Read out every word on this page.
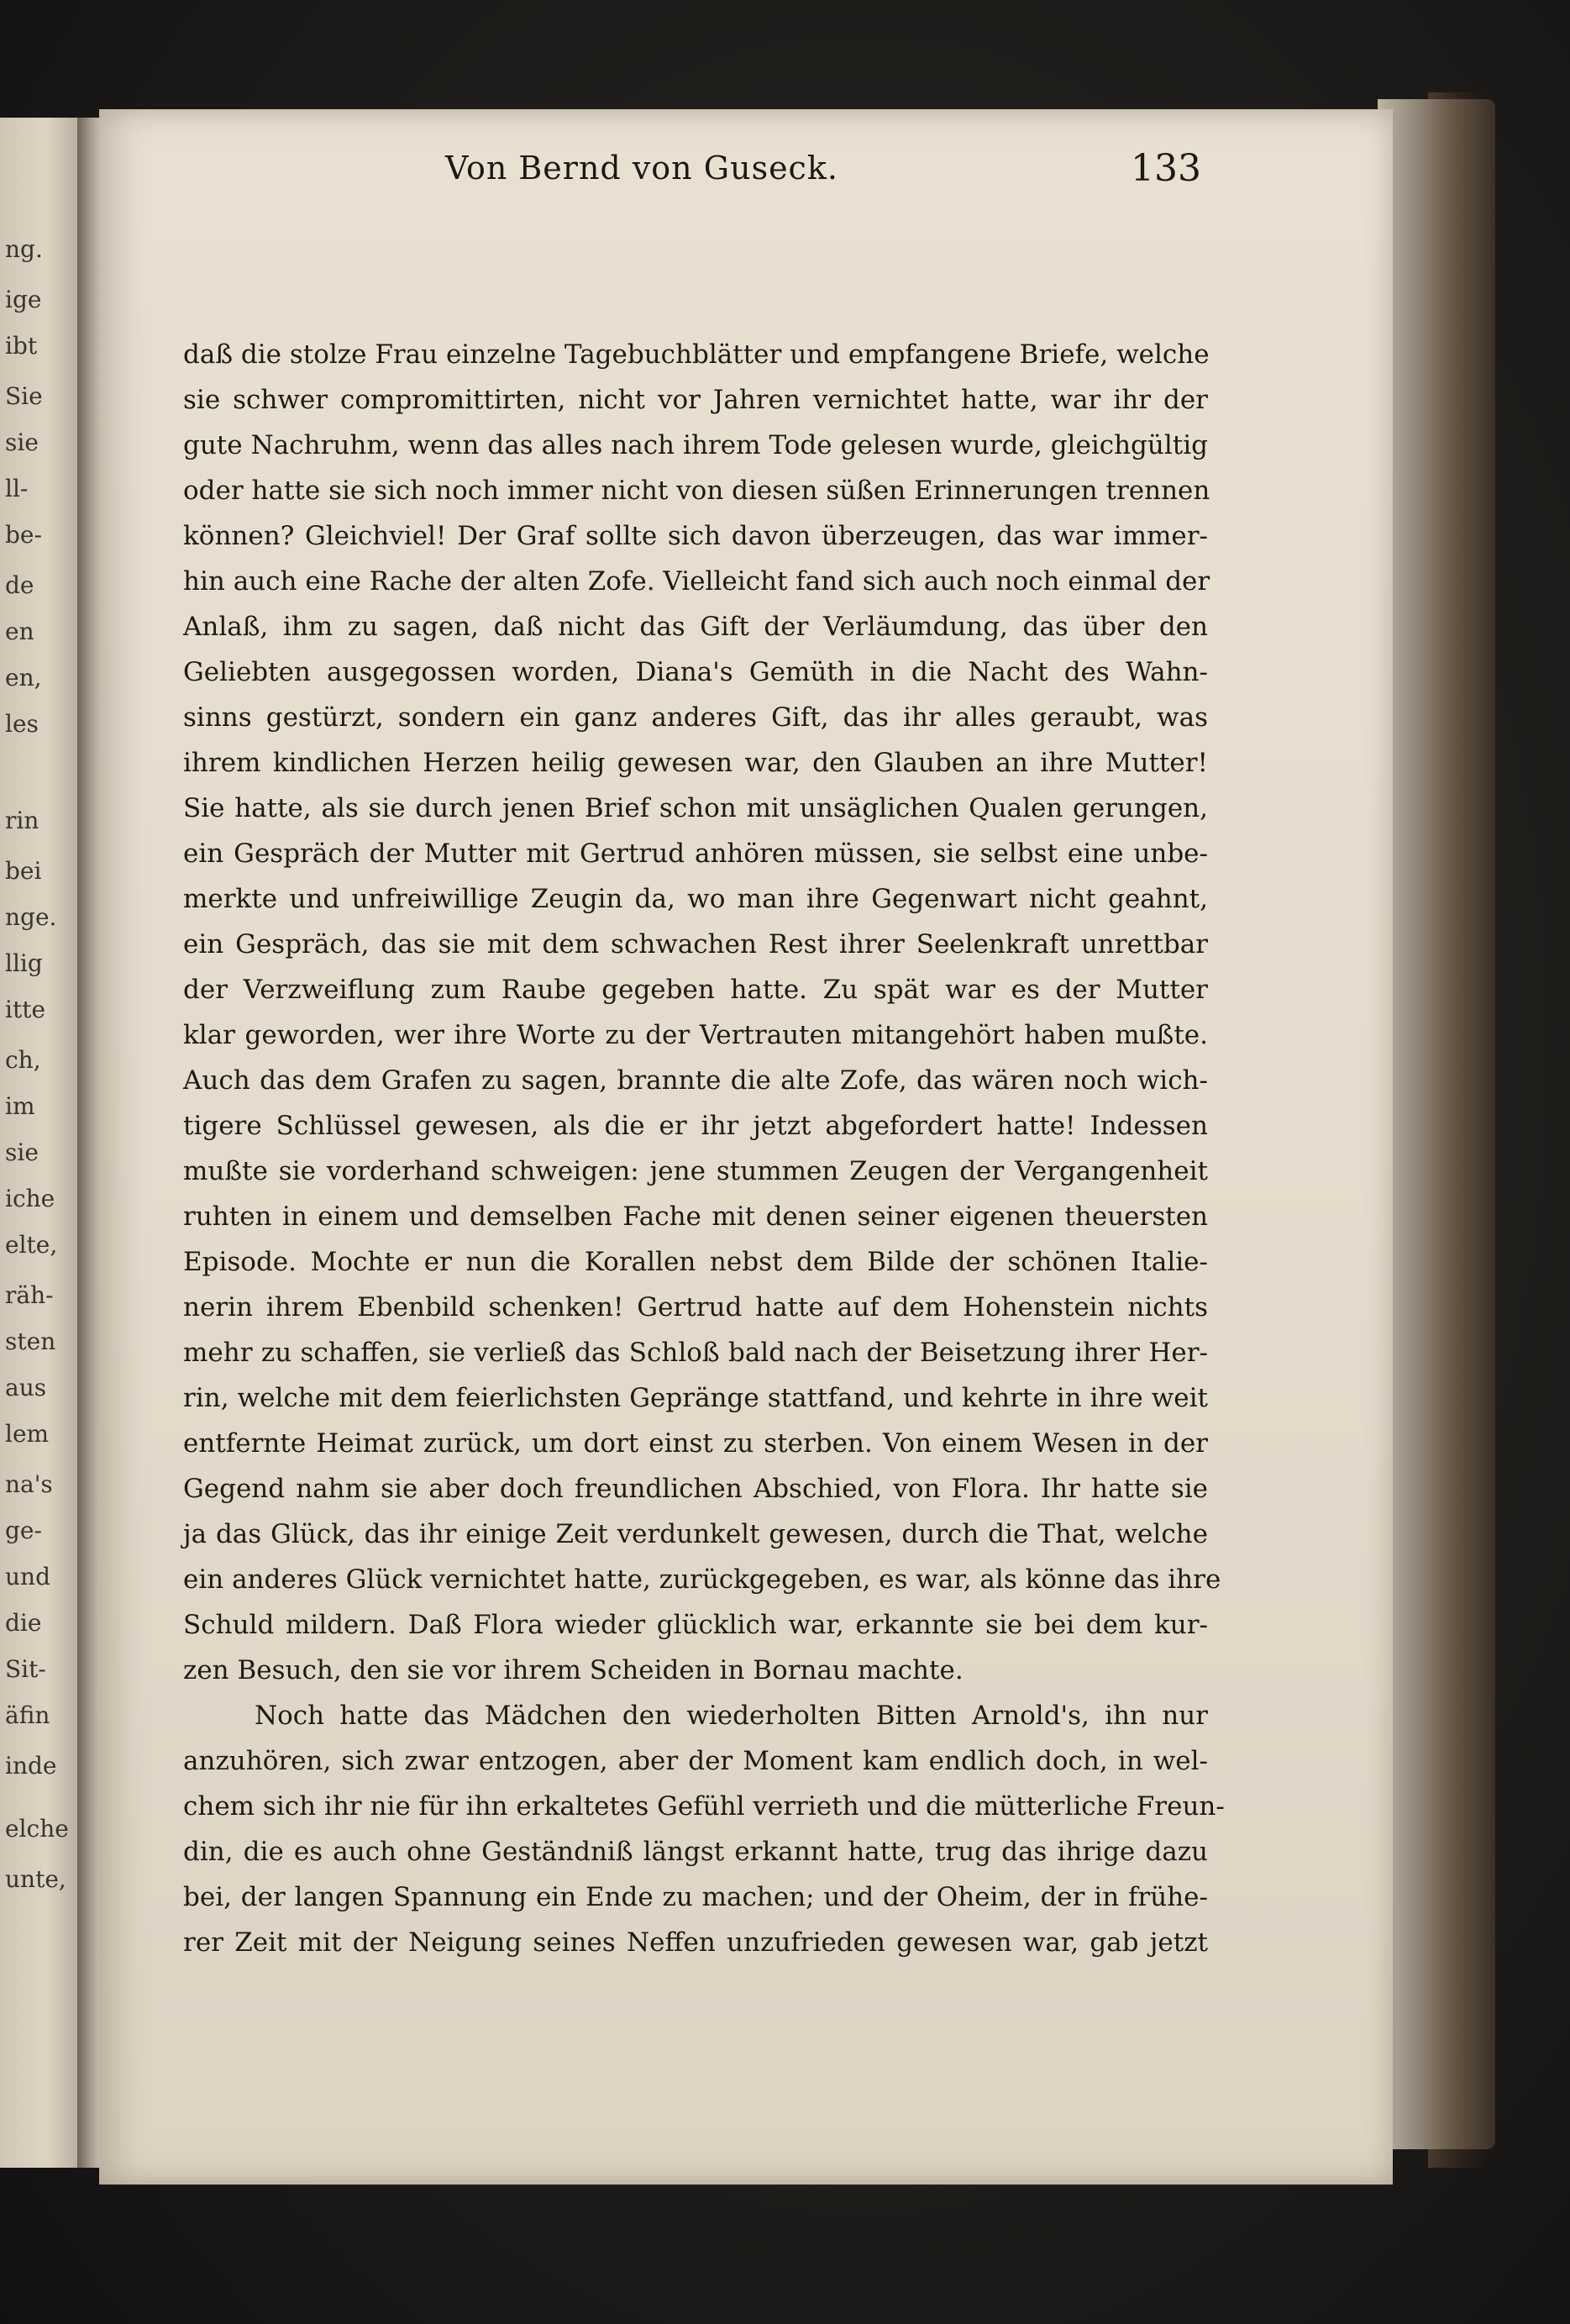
ng.
ige
ibt
Sie
sie
ll-
be-
de
en
en,
les
rin
bei
nge.
llig
itte
ch,
im
sie
iche
elte,
räh-
sten
aus
lem
na's
ge-
und
die
Sit-
äfin
inde
elche
unte,
Von Bernd von Guseck.	133
daß die stolze Frau einzelne Tagebuchblätter und empfangene Briefe, welche
sie schwer compromittirten, nicht vor Jahren vernichtet hatte, war ihr der
gute Nachruhm, wenn das alles nach ihrem Tode gelesen wurde, gleichgültig
oder hatte sie sich noch immer nicht von diesen süßen Erinnerungen trennen
können? Gleichviel! Der Graf sollte sich davon überzeugen, das war immer-
hin auch eine Rache der alten Zofe. Vielleicht fand sich auch noch einmal der
Anlaß, ihm zu sagen, daß nicht das Gift der Verläumdung, das über den
Geliebten ausgegossen worden, Diana's Gemüth in die Nacht des Wahn-
sinns gestürzt, sondern ein ganz anderes Gift, das ihr alles geraubt, was
ihrem kindlichen Herzen heilig gewesen war, den Glauben an ihre Mutter!
Sie hatte, als sie durch jenen Brief schon mit unsäglichen Qualen gerungen,
ein Gespräch der Mutter mit Gertrud anhören müssen, sie selbst eine unbe-
merkte und unfreiwillige Zeugin da, wo man ihre Gegenwart nicht geahnt,
ein Gespräch, das sie mit dem schwachen Rest ihrer Seelenkraft unrettbar
der Verzweiflung zum Raube gegeben hatte. Zu spät war es der Mutter
klar geworden, wer ihre Worte zu der Vertrauten mitangehört haben mußte.
Auch das dem Grafen zu sagen, brannte die alte Zofe, das wären noch wich-
tigere Schlüssel gewesen, als die er ihr jetzt abgefordert hatte! Indessen
mußte sie vorderhand schweigen: jene stummen Zeugen der Vergangenheit
ruhten in einem und demselben Fache mit denen seiner eigenen theuersten
Episode. Mochte er nun die Korallen nebst dem Bilde der schönen Italie-
nerin ihrem Ebenbild schenken! Gertrud hatte auf dem Hohenstein nichts
mehr zu schaffen, sie verließ das Schloß bald nach der Beisetzung ihrer Her-
rin, welche mit dem feierlichsten Gepränge stattfand, und kehrte in ihre weit
entfernte Heimat zurück, um dort einst zu sterben. Von einem Wesen in der
Gegend nahm sie aber doch freundlichen Abschied, von Flora. Ihr hatte sie
ja das Glück, das ihr einige Zeit verdunkelt gewesen, durch die That, welche
ein anderes Glück vernichtet hatte, zurückgegeben, es war, als könne das ihre
Schuld mildern. Daß Flora wieder glücklich war, erkannte sie bei dem kur-
zen Besuch, den sie vor ihrem Scheiden in Bornau machte.
Noch hatte das Mädchen den wiederholten Bitten Arnold's, ihn nur
anzuhören, sich zwar entzogen, aber der Moment kam endlich doch, in wel-
chem sich ihr nie für ihn erkaltetes Gefühl verrieth und die mütterliche Freun-
din, die es auch ohne Geständniß längst erkannt hatte, trug das ihrige dazu
bei, der langen Spannung ein Ende zu machen; und der Oheim, der in frühe-
rer Zeit mit der Neigung seines Neffen unzufrieden gewesen war, gab jetzt
